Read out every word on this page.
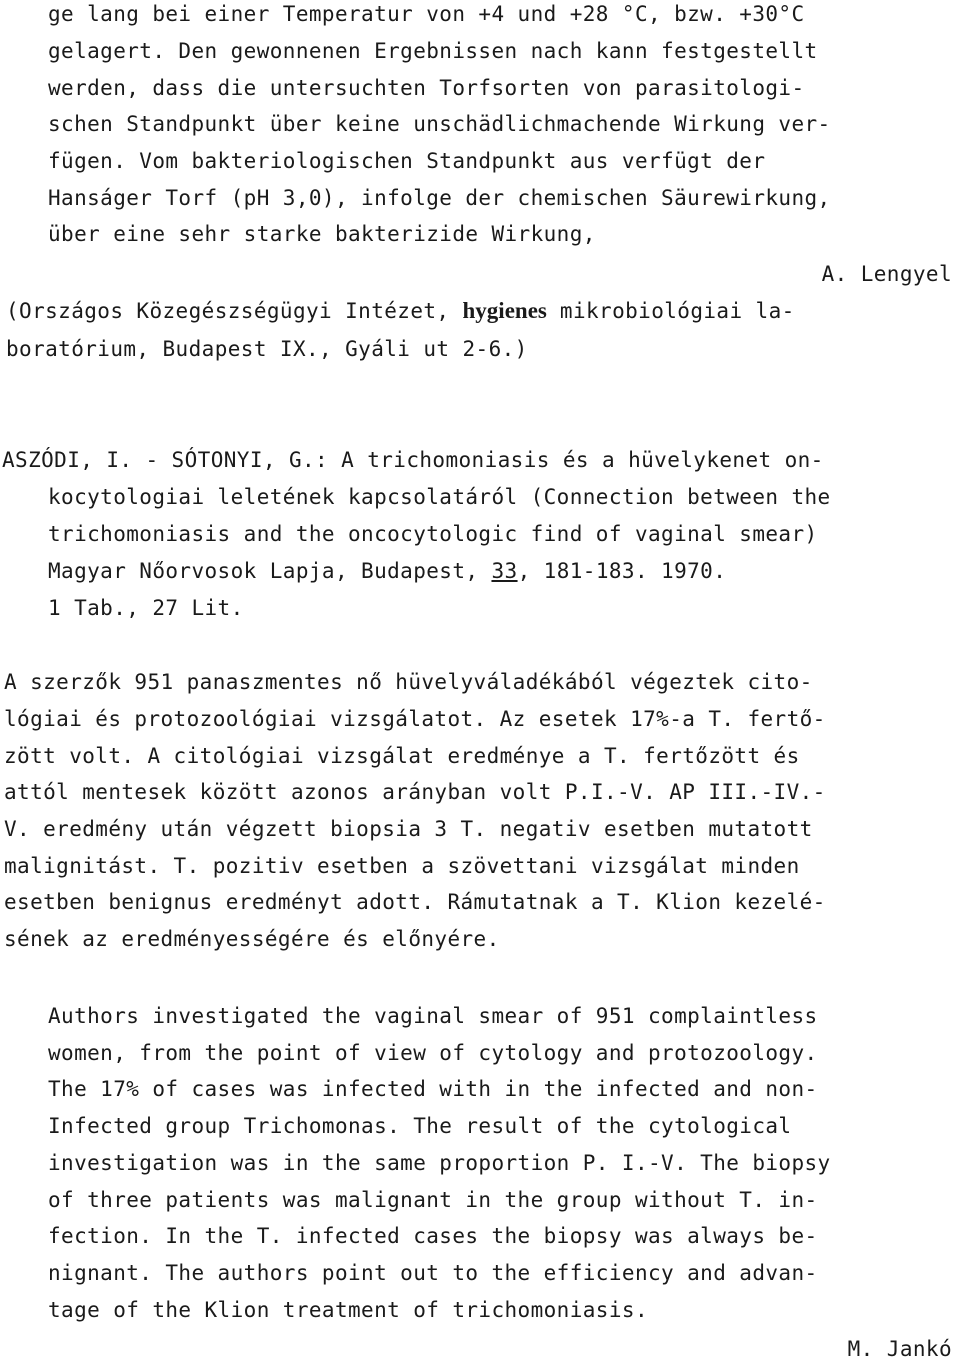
ge lang bei einer Temperatur von +4 und +28 °C, bzw. +30°C
gelagert. Den gewonnenen Ergebnissen nach kann festgestellt
werden, dass die untersuchten Torfsorten von parasitologi-
schen Standpunkt über keine unschädlichmachende Wirkung ver-
fügen. Vom bakteriologischen Standpunkt aus verfügt der
Hanságer Torf (pH 3,0), infolge der chemischen Säurewirkung,
über eine sehr starke bakterizide Wirkung,
A. Lengyel
(Országos Közegészségügyi Intézet, hygienes mikrobiológiai la-
boratórium, Budapest IX., Gyáli ut 2-6.)
ASZÓDI, I. - SÓTONYI, G.: A trichomoniasis és a hüvelykenet on-
kocytologiai leletének kapcsolatáról (Connection between the
trichomoniasis and the oncocytologic find of vaginal smear)
Magyar Nőorvosok Lapja, Budapest, 33, 181-183. 1970.
1 Tab., 27 Lit.
A szerzők 951 panaszmentes nő hüvelyváladékából végeztek cito-
lógiai és protozoológiai vizsgálatot. Az esetek 17%-a T. fertő-
zött volt. A citológiai vizsgálat eredménye a T. fertőzött és
attól mentesek között azonos arányban volt P.I.-V. AP III.-IV.-
V. eredmény után végzett biopsia 3 T. negativ esetben mutatott
malignitást. T. pozitiv esetben a szövettani vizsgálat minden
esetben benignus eredményt adott. Rámutatnak a T. Klion kezelé-
sének az eredményességére és előnyére.
Authors investigated the vaginal smear of 951 complaintless
women, from the point of view of cytology and protozoology.
The 17% of cases was infected with in the infected and non-
Infected group Trichomonas. The result of the cytological
investigation was in the same proportion P. I.-V. The biopsy
of three patients was malignant in the group without T. in-
fection. In the T. infected cases the biopsy was always be-
nignant. The authors point out to the efficiency and advan-
tage of the Klion treatment of trichomoniasis.
M. Jankó
